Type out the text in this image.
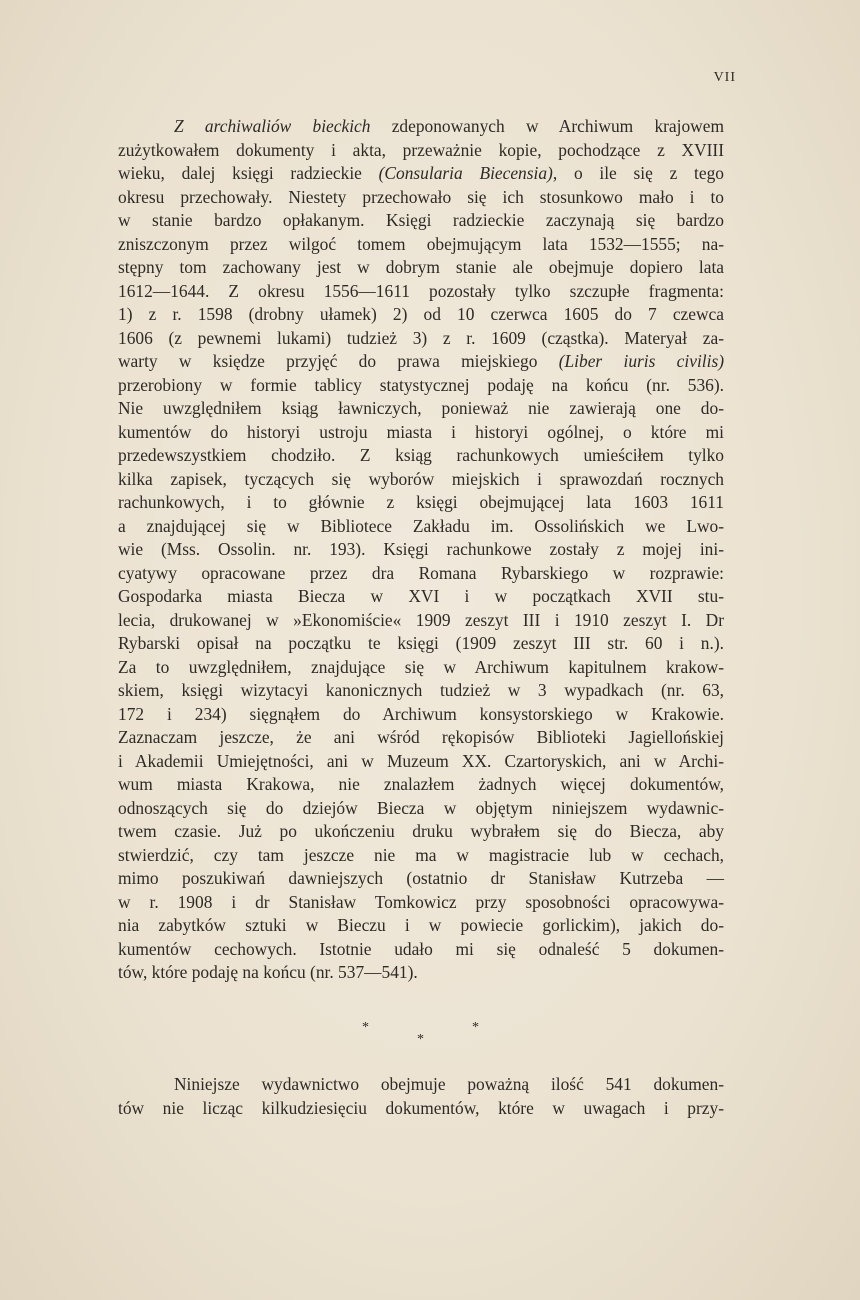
VII
Z archiwaliów bieckich zdeponowanych w Archiwum krajowem
zużytkowałem dokumenty i akta, przeważnie kopie, pochodzące z XVIII
wieku, dalej księgi radzieckie (Consularia Biecensia), o ile się z tego
okresu przechowały. Niestety przechowało się ich stosunkowo mało i to
w stanie bardzo opłakanym. Księgi radzieckie zaczynają się bardzo
zniszczonym przez wilgoć tomem obejmującym lata 1532—1555; na-
stępny tom zachowany jest w dobrym stanie ale obejmuje dopiero lata
1612—1644. Z okresu 1556—1611 pozostały tylko szczupłe fragmenta:
1) z r. 1598 (drobny ułamek) 2) od 10 czerwca 1605 do 7 czewca
1606 (z pewnemi lukami) tudzież 3) z r. 1609 (cząstka). Materyał za-
warty w księdze przyjęć do prawa miejskiego (Liber iuris civilis)
przerobiony w formie tablicy statystycznej podaję na końcu (nr. 536).
Nie uwzględniłem ksiąg ławniczych, ponieważ nie zawierają one do-
kumentów do historyi ustroju miasta i historyi ogólnej, o które mi
przedewszystkiem chodziło. Z ksiąg rachunkowych umieściłem tylko
kilka zapisek, tyczących się wyborów miejskich i sprawozdań rocznych
rachunkowych, i to głównie z księgi obejmującej lata 1603 1611
a znajdującej się w Bibliotece Zakładu im. Ossolińskich we Lwo-
wie (Mss. Ossolin. nr. 193). Księgi rachunkowe zostały z mojej ini-
cyatywy opracowane przez dra Romana Rybarskiego w rozprawie:
Gospodarka miasta Biecza w XVI i w początkach XVII stu-
lecia, drukowanej w »Ekonomiście« 1909 zeszyt III i 1910 zeszyt I. Dr
Rybarski opisał na początku te księgi (1909 zeszyt III str. 60 i n.).
Za to uwzględniłem, znajdujące się w Archiwum kapitulnem krakow-
skiem, księgi wizytacyi kanonicznych tudzież w 3 wypadkach (nr. 63,
172 i 234) sięgnąłem do Archiwum konsystorskiego w Krakowie.
Zaznaczam jeszcze, że ani wśród rękopisów Biblioteki Jagiellońskiej
i Akademii Umiejętności, ani w Muzeum XX. Czartoryskich, ani w Archi-
wum miasta Krakowa, nie znalazłem żadnych więcej dokumentów,
odnoszących się do dziejów Biecza w objętym niniejszem wydawnic-
twem czasie. Już po ukończeniu druku wybrałem się do Biecza, aby
stwierdzić, czy tam jeszcze nie ma w magistracie lub w cechach,
mimo poszukiwań dawniejszych (ostatnio dr Stanisław Kutrzeba —
w r. 1908 i dr Stanisław Tomkowicz przy sposobności opracowywa-
nia zabytków sztuki w Bieczu i w powiecie gorlickim), jakich do-
kumentów cechowych. Istotnie udało mi się odnaleść 5 dokumen-
tów, które podaję na końcu (nr. 537—541).
*	*
*
Niniejsze wydawnictwo obejmuje poważną ilość 541 dokumen-
tów nie licząc kilkudziesięciu dokumentów, które w uwagach i przy-
